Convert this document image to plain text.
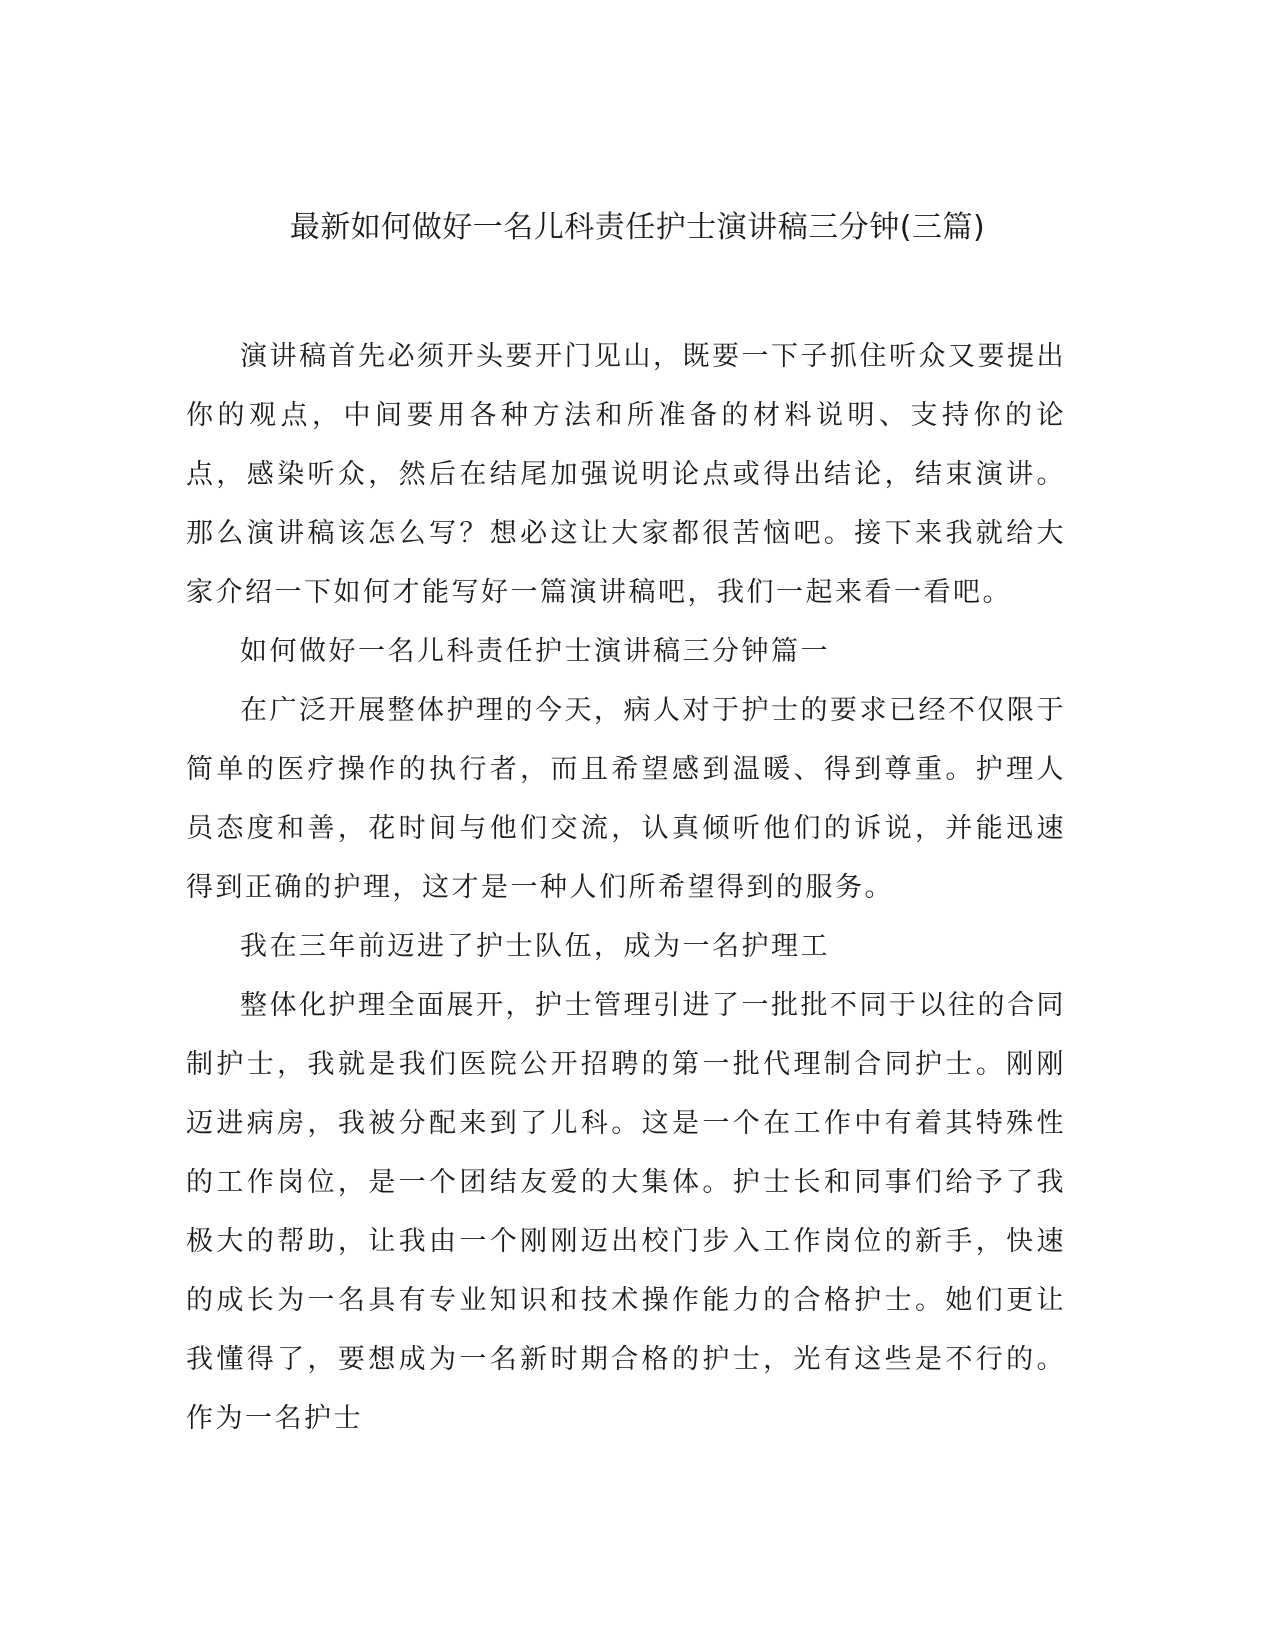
最新如何做好一名儿科责任护士演讲稿三分钟(三篇)

演讲稿首先必须开头要开门见山，既要一下子抓住听众又要提出你的观点，中间要用各种方法和所准备的材料说明、支持你的论点，感染听众，然后在结尾加强说明论点或得出结论，结束演讲。那么演讲稿该怎么写？想必这让大家都很苦恼吧。接下来我就给大家介绍一下如何才能写好一篇演讲稿吧，我们一起来看一看吧。

如何做好一名儿科责任护士演讲稿三分钟篇一

在广泛开展整体护理的今天，病人对于护士的要求已经不仅限于简单的医疗操作的执行者，而且希望感到温暖、得到尊重。护理人员态度和善，花时间与他们交流，认真倾听他们的诉说，并能迅速得到正确的护理，这才是一种人们所希望得到的服务。

我在三年前迈进了护士队伍，成为一名护理工

整体化护理全面展开，护士管理引进了一批批不同于以往的合同制护士，我就是我们医院公开招聘的第一批代理制合同护士。刚刚迈进病房，我被分配来到了儿科。这是一个在工作中有着其特殊性的工作岗位，是一个团结友爱的大集体。护士长和同事们给予了我极大的帮助，让我由一个刚刚迈出校门步入工作岗位的新手，快速的成长为一名具有专业知识和技术操作能力的合格护士。她们更让我懂得了，要想成为一名新时期合格的护士，光有这些是不行的。作为一名护士
